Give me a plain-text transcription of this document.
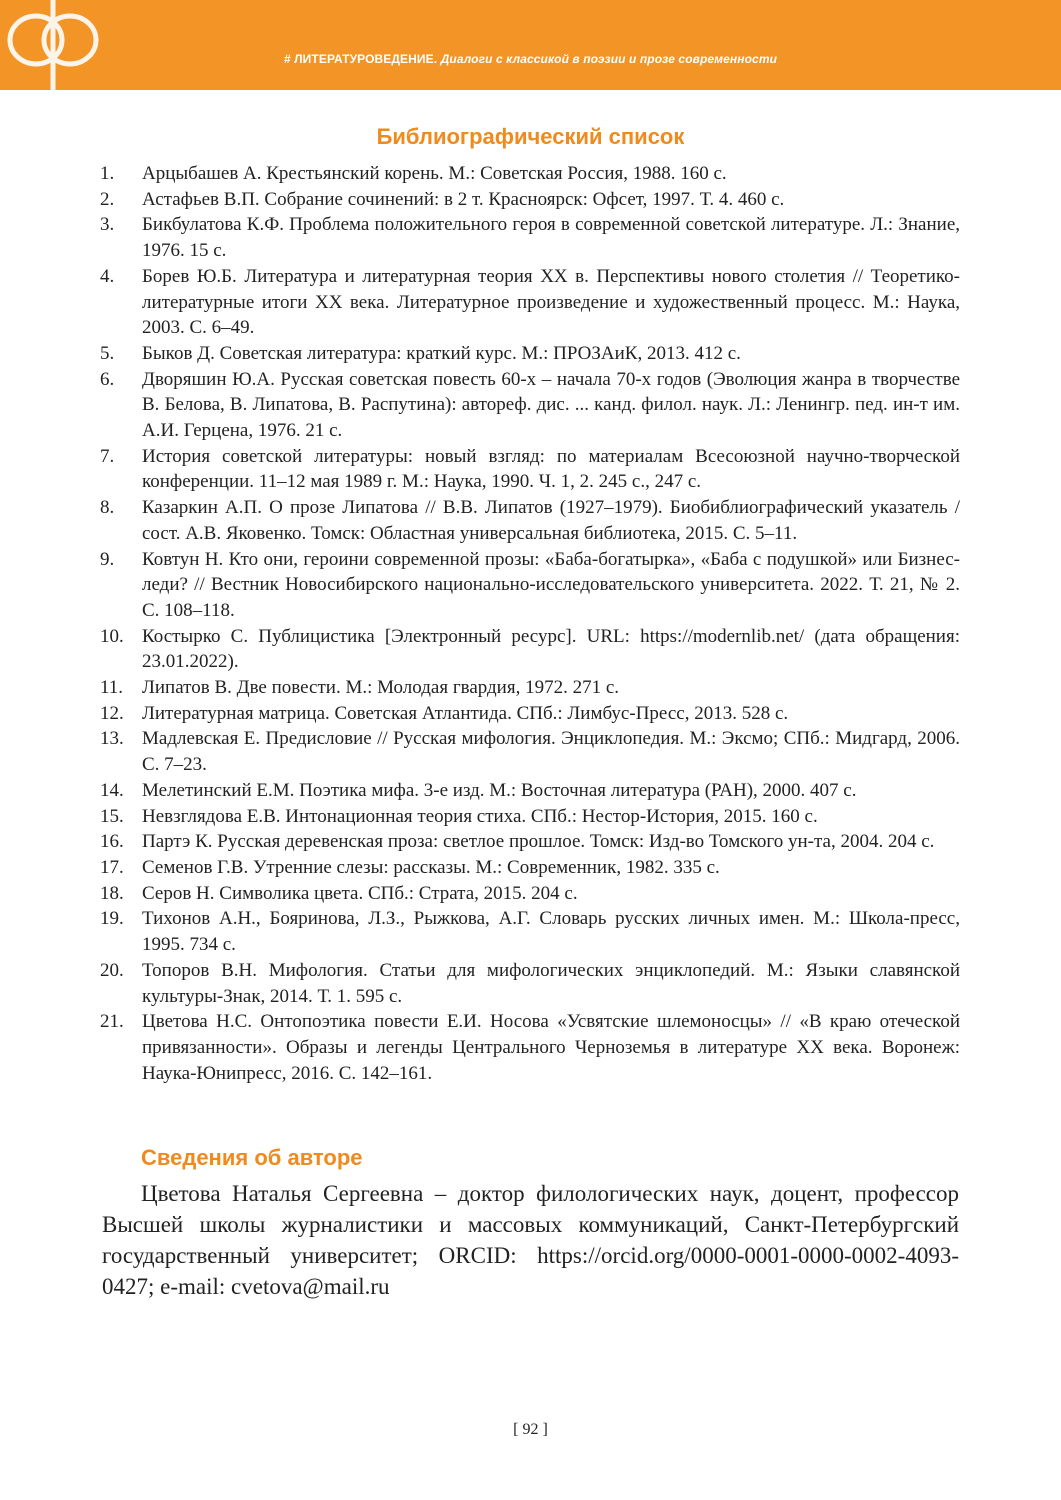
# ЛИТЕРАТУРОВЕДЕНИЕ. Диалоги с классикой в поэзии и прозе современности
Библиографический список
1.	Арцыбашев А. Крестьянский корень. М.: Советская Россия, 1988. 160 с.
2.	Астафьев В.П. Собрание сочинений: в 2 т. Красноярск: Офсет, 1997. Т. 4. 460 с.
3.	Бикбулатова К.Ф. Проблема положительного героя в современной советской литературе. Л.: Знание, 1976. 15 с.
4.	Борев Ю.Б. Литература и литературная теория XX в. Перспективы нового столетия // Теоретико-литературные итоги XX века. Литературное произведение и художественный процесс. М.: Наука, 2003. С. 6–49.
5.	Быков Д. Советская литература: краткий курс. М.: ПРОЗАиК, 2013. 412 с.
6.	Дворяшин Ю.А. Русская советская повесть 60-х – начала 70-х годов (Эволюция жанра в творчестве В. Белова, В. Липатова, В. Распутина): автореф. дис. ... канд. филол. наук. Л.: Ленингр. пед. ин-т им. А.И. Герцена, 1976. 21 с.
7.	История советской литературы: новый взгляд: по материалам Всесоюзной научно-творческой конференции. 11–12 мая 1989 г. М.: Наука, 1990. Ч. 1, 2. 245 с., 247 с.
8.	Казаркин А.П. О прозе Липатова // В.В. Липатов (1927–1979). Биобиблиографический указатель / сост. А.В. Яковенко. Томск: Областная универсальная библиотека, 2015. С. 5–11.
9.	Ковтун Н. Кто они, героини современной прозы: «Баба-богатырка», «Баба с подушкой» или Бизнес-леди? // Вестник Новосибирского национально-исследовательского университета. 2022. Т. 21, № 2. С. 108–118.
10. Костырко С. Публицистика [Электронный ресурс]. URL: https://modernlib.net/ (дата обращения: 23.01.2022).
11. Липатов В. Две повести. М.: Молодая гвардия, 1972. 271 с.
12. Литературная матрица. Советская Атлантида. СПб.: Лимбус-Пресс, 2013. 528 с.
13. Мадлевская Е. Предисловие // Русская мифология. Энциклопедия. М.: Эксмо; СПб.: Мидгард, 2006. С. 7–23.
14. Мелетинский Е.М. Поэтика мифа. 3-е изд. М.: Восточная литература (РАН), 2000. 407 с.
15. Невзглядова Е.В. Интонационная теория стиха. СПб.: Нестор-История, 2015. 160 с.
16. Партэ К. Русская деревенская проза: светлое прошлое. Томск: Изд-во Томского ун-та, 2004. 204 с.
17. Семенов Г.В. Утренние слезы: рассказы. М.: Современник, 1982. 335 с.
18. Серов Н. Символика цвета. СПб.: Страта, 2015. 204 с.
19. Тихонов А.Н., Бояринова, Л.З., Рыжкова, А.Г. Словарь русских личных имен. М.: Школа-пресс, 1995. 734 с.
20. Топоров В.Н. Мифология. Статьи для мифологических энциклопедий. М.: Языки славянской культуры-Знак, 2014. Т. 1. 595 с.
21. Цветова Н.С. Онтопоэтика повести Е.И. Носова «Усвятские шлемоносцы» // «В краю отеческой привязанности». Образы и легенды Центрального Черноземья в литературе XX века. Воронеж: Наука-Юнипресс, 2016. С. 142–161.
Сведения об авторе

Цветова Наталья Сергеевна – доктор филологических наук, доцент, профессор Высшей школы журналистики и массовых коммуникаций, Санкт-Петербургский государственный университет; ORCID: https://orcid.org/0000-0001-0000-0002-4093-0427; e-mail: cvetova@mail.ru

[ 92 ]
